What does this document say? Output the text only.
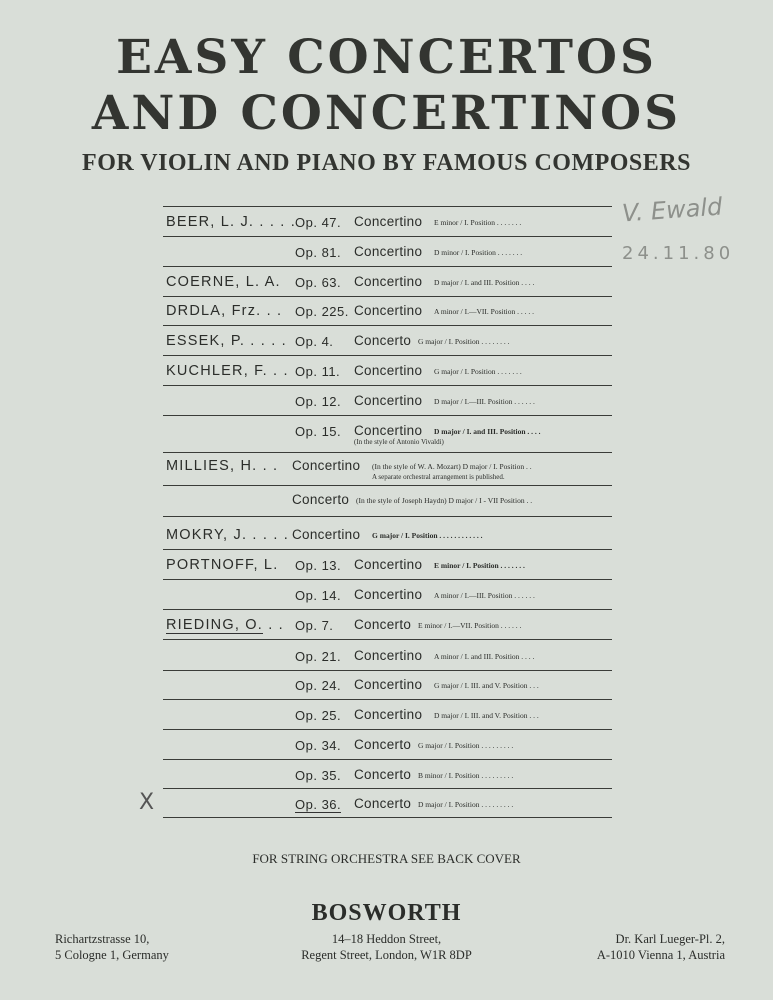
EASY CONCERTOS
AND CONCERTINOS
FOR VIOLIN AND PIANO BY FAMOUS COMPOSERS
V. Ewald
24.11.80
X
BEER, L. J. . . . . Op. 47. Concertino E minor / I. Position . . . . . . .
Op. 81. Concertino D minor / I. Position . . . . . . .
COERNE, L. A. Op. 63. Concertino D major / I. and III. Position . . . .
DRDLA, Frz. . . Op. 225. Concertino A minor / I.—VII. Position . . . . .
ESSEK, P. . . . . Op. 4. Concerto G major / I. Position . . . . . . . .
KUCHLER, F. . . Op. 11. Concertino G major / I. Position . . . . . . .
Op. 12. Concertino D major / I.—III. Position . . . . . .
Op. 15. Concertino D major / I. and III. Position . . . .
(In the style of Antonio Vivaldi)
MILLIES, H. . . Concertino (In the style of W. A. Mozart) D major / I. Position . .
A separate orchestral arrangement is published.
Concerto (In the style of Joseph Haydn) D major / I - VII Position . .
MOKRY, J. . . . . Concertino G major / I. Position . . . . . . . . . . . .
PORTNOFF, L. Op. 13. Concertino E minor / I. Position . . . . . . .
Op. 14. Concertino A minor / I.—III. Position . . . . . .
RIEDING, O. . . Op. 7. Concerto E minor / I.—VII. Position . . . . . .
Op. 21. Concertino A minor / I. and III. Position . . . .
Op. 24. Concertino G major / I. III. and V. Position . . .
Op. 25. Concertino D major / I. III. and V. Position . . .
Op. 34. Concerto G major / I. Position . . . . . . . . .
Op. 35. Concerto B minor / I. Position . . . . . . . . .
Op. 36. Concerto D major / I. Position . . . . . . . . .
FOR STRING ORCHESTRA SEE BACK COVER
BOSWORTH
Richartzstrasse 10,
5 Cologne 1, Germany
14–18 Heddon Street,
Regent Street, London, W1R 8DP
Dr. Karl Lueger-Pl. 2,
A-1010 Vienna 1, Austria
